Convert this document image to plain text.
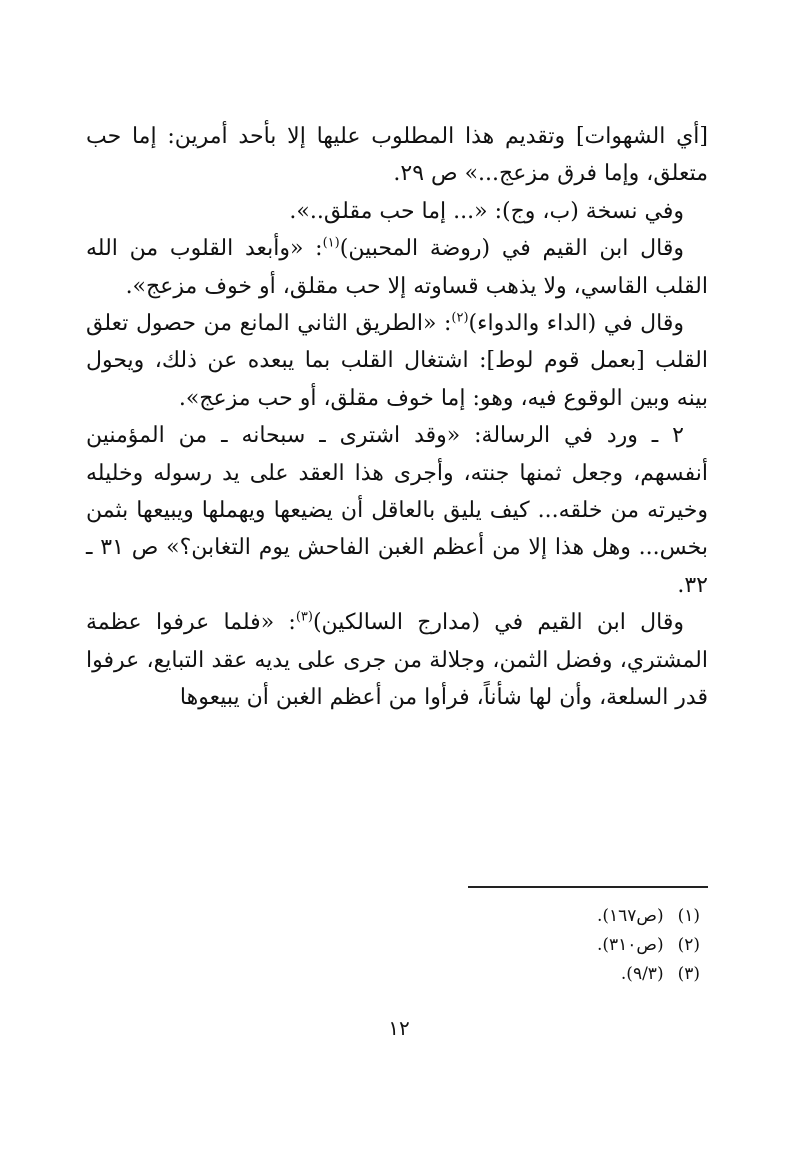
[أي الشهوات] وتقديم هذا المطلوب عليها إلا بأحد أمرين: إما حب متعلق، وإما فرق مزعج...» ص ٢٩.

وفي نسخة (ب، وج): «... إما حب مقلق..».

وقال ابن القيم في (روضة المحبين)$^{(١)}$: «وأبعد القلوب من الله القلب القاسي، ولا يذهب قساوته إلا حب مقلق، أو خوف مزعج».

وقال في (الداء والدواء)$^{(٢)}$: «الطريق الثاني المانع من حصول تعلق القلب [بعمل قوم لوط]: اشتغال القلب بما يبعده عن ذلك، ويحول بينه وبين الوقوع فيه، وهو: إما خوف مقلق، أو حب مزعج».

٢ ـ ورد في الرسالة: «وقد اشترى ـ سبحانه ـ من المؤمنين أنفسهم، وجعل ثمنها جنته، وأجرى هذا العقد على يد رسوله وخليله وخيرته من خلقه... كيف يليق بالعاقل أن يضيعها ويهملها ويبيعها بثمن بخس... وهل هذا إلا من أعظم الغبن الفاحش يوم التغابن؟» ص ٣١ ـ ٣٢.

وقال ابن القيم في (مدارج السالكين)$^{(٣)}$: «فلما عرفوا عظمة المشتري، وفضل الثمن، وجلالة من جرى على يديه عقد التبايع، عرفوا قدر السلعة، وأن لها شأناً، فرأوا من أعظم الغبن أن يبيعوها

(١)(ص١٦٧).
(٢)(ص٣١٠).
(٣)(٩/٣).
١٢
